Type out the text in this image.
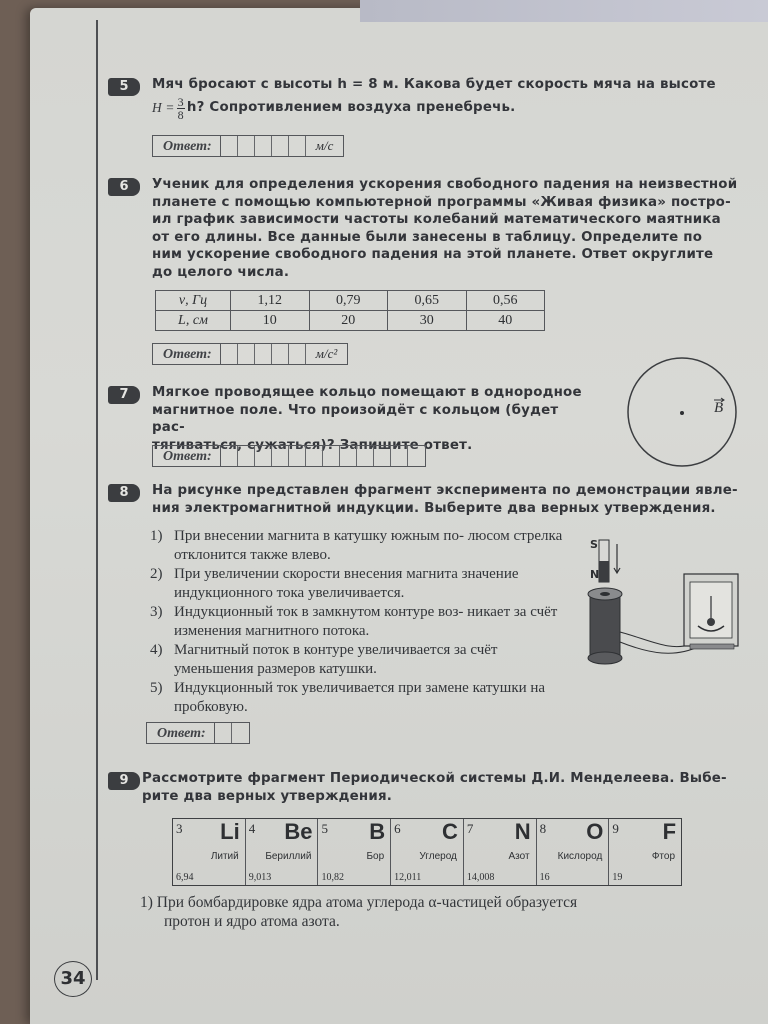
5	Мяч бросают с высоты h = 8 м. Какова будет скорость мяча на высоте
$H = \frac{3}{8} h$? Сопротивлением воздуха пренебречь.
Ответ:	м/с
6	Ученик для определения ускорения свободного падения на неизвестной
планете с помощью компьютерной программы «Живая физика» постро-
ил график зависимости частоты колебаний математического маятника
от его длины. Все данные были занесены в таблицу. Определите по
ним ускорение свободного падения на этой планете. Ответ округлите
до целого числа.
ν, Гц	1,12	0,79	0,65	0,56
L, см	10	20	30	40
Ответ:	м/с²
7	Мягкое проводящее кольцо помещают в однородное
магнитное поле. Что произойдёт с кольцом (будет рас-
тягиваться, сужаться)? Запишите ответ.
Ответ:
B
8	На рисунке представлен фрагмент эксперимента по демонстрации явле-
ния электромагнитной индукции. Выберите два верных утверждения.
1) При внесении магнита в катушку южным по- люсом стрелка отклонится также влево.
2) При увеличении скорости внесения магнита значение индукционного тока увеличивается.
3) Индукционный ток в замкнутом контуре воз- никает за счёт изменения магнитного потока.
4) Магнитный поток в контуре увеличивается за счёт уменьшения размеров катушки.
5) Индукционный ток увеличивается при замене катушки на пробковую.
S
N
Ответ:
9	Рассмотрите фрагмент Периодической системы Д.И. Менделеева. Выбе-
рите два верных утверждения.
3 Li
Литий
6,94
4 Be
Бериллий
9,013
5 B
Бор
10,82
6 C
Углерод
12,011
7 N
Азот
14,008
8 O
Кислород
16
9 F
Фтор
19
1) При бомбардировке ядра атома углерода α-частицей образуется
протон и ядро атома азота.
34
